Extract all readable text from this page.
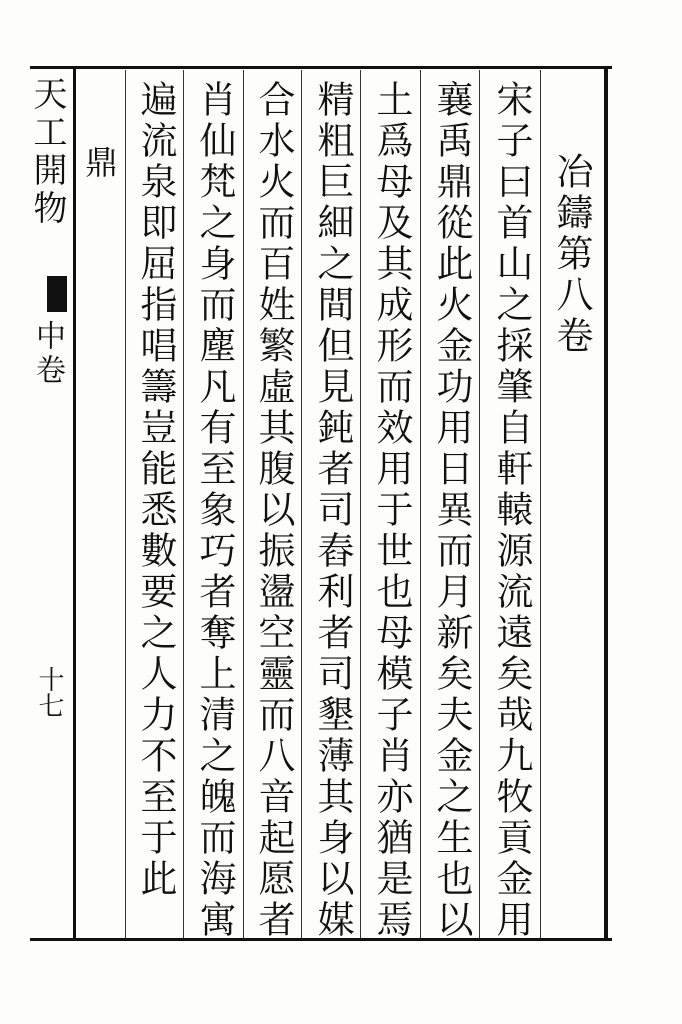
天工開物
中卷
十七
冶鑄第八卷
宋子曰首山之採肇自軒轅源流遠矣哉九牧貢金用
襄禹鼎從此火金功用日異而月新矣夫金之生也以
土爲母及其成形而效用于世也母模子肖亦猶是焉
精粗巨細之間但見鈍者司舂利者司墾薄其身以媒
合水火而百姓繁虛其腹以振盪空靈而八音起愿者
肖仙梵之身而塵凡有至象巧者奪上清之魄而海寓
遍流泉即屈指唱籌豈能悉數要之人力不至于此
鼎
